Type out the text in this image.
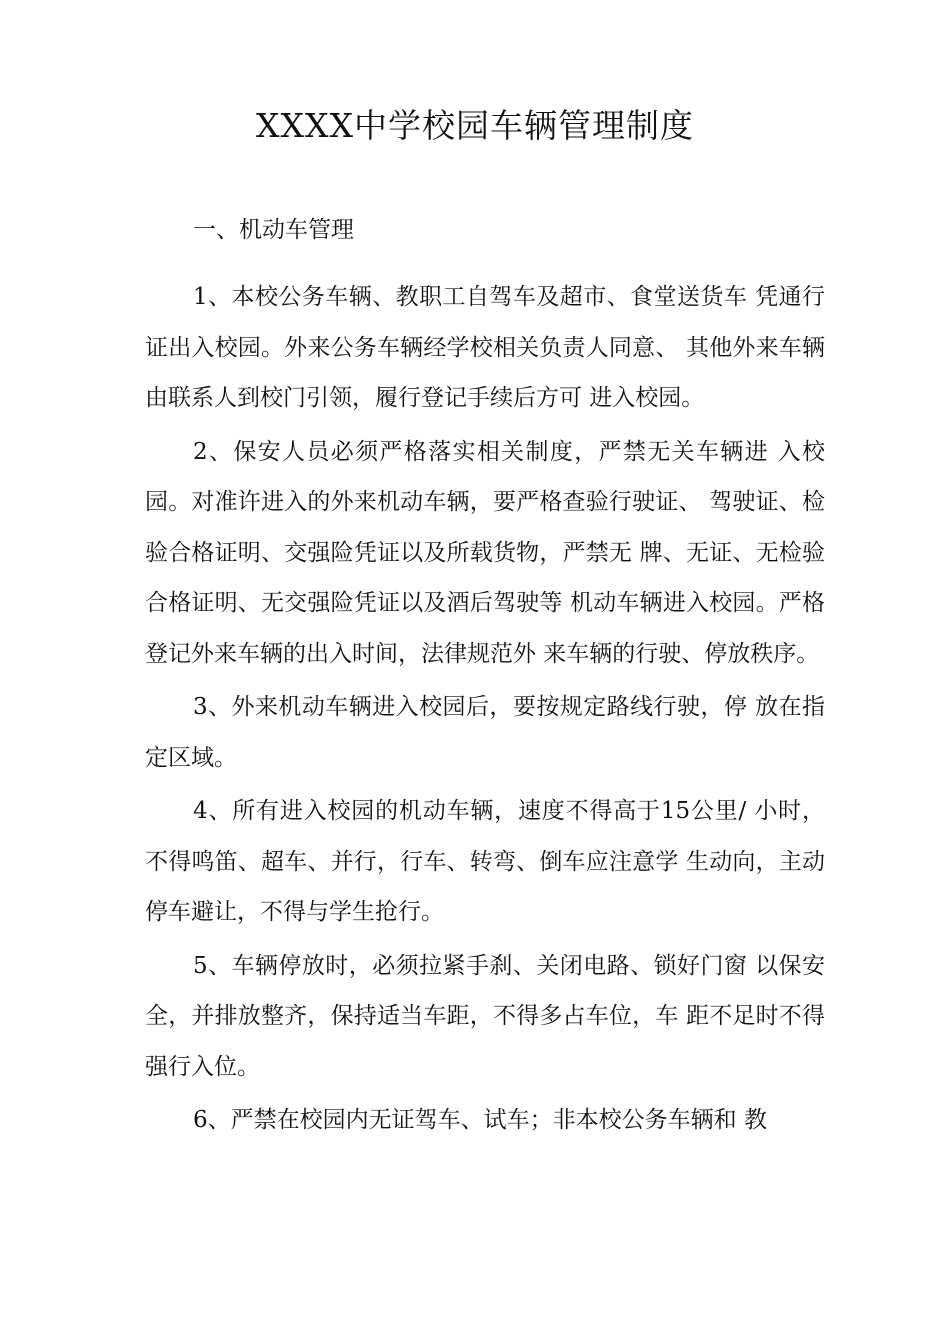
XXXX中学校园车辆管理制度

一、机动车管理

1、本校公务车辆、教职工自驾车及超市、食堂送货车 凭通行证出入校园。外来公务车辆经学校相关负责人同意、 其他外来车辆由联系人到校门引领，履行登记手续后方可 进入校园。

2、保安人员必须严格落实相关制度，严禁无关车辆进 入校园。对准许进入的外来机动车辆，要严格查验行驶证、 驾驶证、检验合格证明、交强险凭证以及所载货物，严禁无 牌、无证、无检验合格证明、无交强险凭证以及酒后驾驶等 机动车辆进入校园。严格登记外来车辆的出入时间，法律规范外 来车辆的行驶、停放秩序。

3、外来机动车辆进入校园后，要按规定路线行驶，停 放在指定区域。

4、所有进入校园的机动车辆，速度不得高于15公里/ 小时，不得鸣笛、超车、并行，行车、转弯、倒车应注意学 生动向，主动停车避让，不得与学生抢行。

5、车辆停放时，必须拉紧手刹、关闭电路、锁好门窗 以保安全，并排放整齐，保持适当车距，不得多占车位，车 距不足时不得强行入位。

6、严禁在校园内无证驾车、试车；非本校公务车辆和 教
